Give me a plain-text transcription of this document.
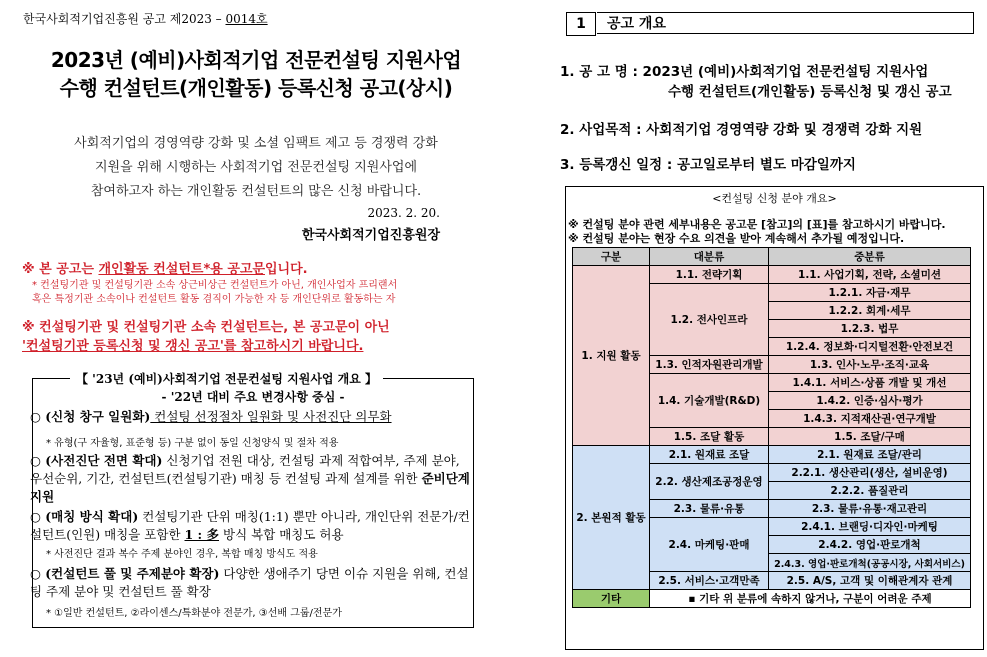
한국사회적기업진흥원 공고 제2023 – 0014호
2023년 (예비)사회적기업 전문컨설팅 지원사업
수행 컨설턴트(개인활동) 등록신청 공고(상시)
사회적기업의 경영역량 강화 및 소셜 임팩트 제고 등 경쟁력 강화
지원을 위해 시행하는 사회적기업 전문컨설팅 지원사업에
참여하고자 하는 개인활동 컨설턴트의 많은 신청 바랍니다.
2023. 2. 20.
한국사회적기업진흥원장
※ 본 공고는 개인활동 컨설턴트*용 공고문입니다.
* 컨설팅기관 및 컨설팅기관 소속 상근비상근 컨설턴트가 아닌, 개인사업자 프리랜서
혹은 특정기관 소속이나 컨설턴트 활동 겸직이 가능한 자 등 개인단위로 활동하는 자
※ 컨설팅기관 및 컨설팅기관 소속 컨설턴트는, 본 공고문이 아닌
'컨설팅기관 등록신청 및 갱신 공고'를 참고하시기 바랍니다.
【 '23년 (예비)사회적기업 전문컨설팅 지원사업 개요 】
- '22년 대비 주요 변경사항 중심 -
○ (신청 창구 일원화) 컨설팅 선정절차 일원화 및 사전진단 의무화
* 유형(구 자율형, 표준형 등) 구분 없이 동일 신청양식 및 절차 적용
○ (사전진단 전면 확대) 신청기업 전원 대상, 컨설팅 과제 적합여부, 주제 분야, 우선순위, 기간, 컨설턴트(컨설팅기관) 매칭 등 컨설팅 과제 설계를 위한 준비단계 지원
○ (매칭 방식 확대) 컨설팅기관 단위 매칭(1:1) 뿐만 아니라, 개인단위 전문가/컨설턴트(인원) 매칭을 포함한 1 : 多 방식 복합 매칭도 허용
* 사전진단 결과 복수 주제 분야인 경우, 복합 매칭 방식도 적용
○ (컨설턴트 풀 및 주제분야 확장) 다양한 생애주기 당면 이슈 지원을 위해, 컨설팅 주제 분야 및 컨설턴트 풀 확장
* ①일반 컨설턴트, ②라이센스/특화분야 전문가, ③선배 그룹/전문가
1	공고 개요
1. 공 고 명 : 2023년 (예비)사회적기업 전문컨설팅 지원사업
수행 컨설턴트(개인활동) 등록신청 및 갱신 공고
2. 사업목적 : 사회적기업 경영역량 강화 및 경쟁력 강화 지원
3. 등록갱신 일정 : 공고일로부터 별도 마감일까지
<컨설팅 신청 분야 개요>
※ 컨설팅 분야 관련 세부내용은 공고문 [참고]의 [표]를 참고하시기 바랍니다.
※ 컨설팅 분야는 현장 수요 의견을 받아 계속해서 추가될 예정입니다.
구분	대분류	중분류
1. 지원 활동	1.1. 전략기획	1.1. 사업기획, 전략, 소셜미션
	1.2. 전사인프라	1.2.1. 자금·재무
		1.2.2. 회계·세무
		1.2.3. 법무
		1.2.4. 정보화·디지털전환·안전보건
	1.3. 인적자원관리개발	1.3. 인사·노무·조직·교육
	1.4. 기술개발(R&D)	1.4.1. 서비스·상품 개발 및 개선
		1.4.2. 인증·심사·평가
		1.4.3. 지적재산권·연구개발
	1.5. 조달 활동	1.5. 조달/구매
2. 본원적 활동	2.1. 원재료 조달	2.1. 원재료 조달/관리
	2.2. 생산제조공정운영	2.2.1. 생산관리(생산, 설비운영)
		2.2.2. 품질관리
	2.3. 물류·유통	2.3. 물류·유통·재고관리
	2.4. 마케팅·판매	2.4.1. 브랜딩·디자인·마케팅
		2.4.2. 영업·판로개척
		2.4.3. 영업·판로개척(공공시장, 사회서비스)
	2.5. 서비스·고객만족	2.5. A/S, 고객 및 이해관계자 관계
기타	▪ 기타 위 분류에 속하지 않거나, 구분이 어려운 주제	
